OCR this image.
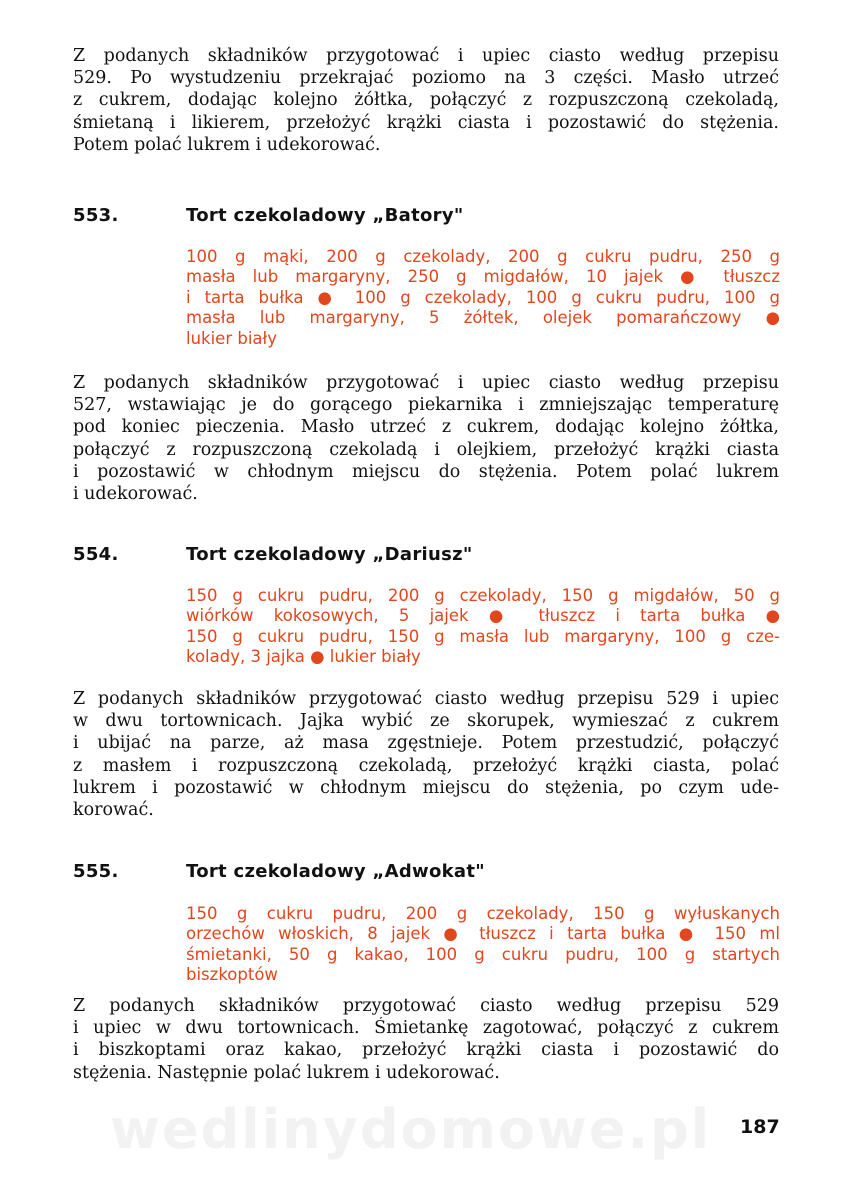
wedlinydomowe.pl
Z podanych składników przygotować i upiec ciasto według przepisu
529. Po wystudzeniu przekrajać poziomo na 3 części. Masło utrzeć
z cukrem, dodając kolejno żółtka, połączyć z rozpuszczoną czekoladą,
śmietaną i likierem, przełożyć krążki ciasta i pozostawić do stężenia.
Potem polać lukrem i udekorować.
553.	Tort czekoladowy „Batory"
100 g mąki, 200 g czekolady, 200 g cukru pudru, 250 g
masła lub margaryny, 250 g migdałów, 10 jajek ● tłuszcz
i tarta bułka ● 100 g czekolady, 100 g cukru pudru, 100 g
masła lub margaryny, 5 żółtek, olejek pomarańczowy ●
lukier biały
Z podanych składników przygotować i upiec ciasto według przepisu
527, wstawiając je do gorącego piekarnika i zmniejszając temperaturę
pod koniec pieczenia. Masło utrzeć z cukrem, dodając kolejno żółtka,
połączyć z rozpuszczoną czekoladą i olejkiem, przełożyć krążki ciasta
i pozostawić w chłodnym miejscu do stężenia. Potem polać lukrem
i udekorować.
554.	Tort czekoladowy „Dariusz"
150 g cukru pudru, 200 g czekolady, 150 g migdałów, 50 g
wiórków kokosowych, 5 jajek ● tłuszcz i tarta bułka ●
150 g cukru pudru, 150 g masła lub margaryny, 100 g cze-
kolady, 3 jajka ● lukier biały
Z podanych składników przygotować ciasto według przepisu 529 i upiec
w dwu tortownicach. Jajka wybić ze skorupek, wymieszać z cukrem
i ubijać na parze, aż masa zgęstnieje. Potem przestudzić, połączyć
z masłem i rozpuszczoną czekoladą, przełożyć krążki ciasta, polać
lukrem i pozostawić w chłodnym miejscu do stężenia, po czym ude-
korować.
555.	Tort czekoladowy „Adwokat"
150 g cukru pudru, 200 g czekolady, 150 g wyłuskanych
orzechów włoskich, 8 jajek ● tłuszcz i tarta bułka ● 150 ml
śmietanki, 50 g kakao, 100 g cukru pudru, 100 g startych
biszkoptów
Z podanych składników przygotować ciasto według przepisu 529
i upiec w dwu tortownicach. Śmietankę zagotować, połączyć z cukrem
i biszkoptami oraz kakao, przełożyć krążki ciasta i pozostawić do
stężenia. Następnie polać lukrem i udekorować.
187
